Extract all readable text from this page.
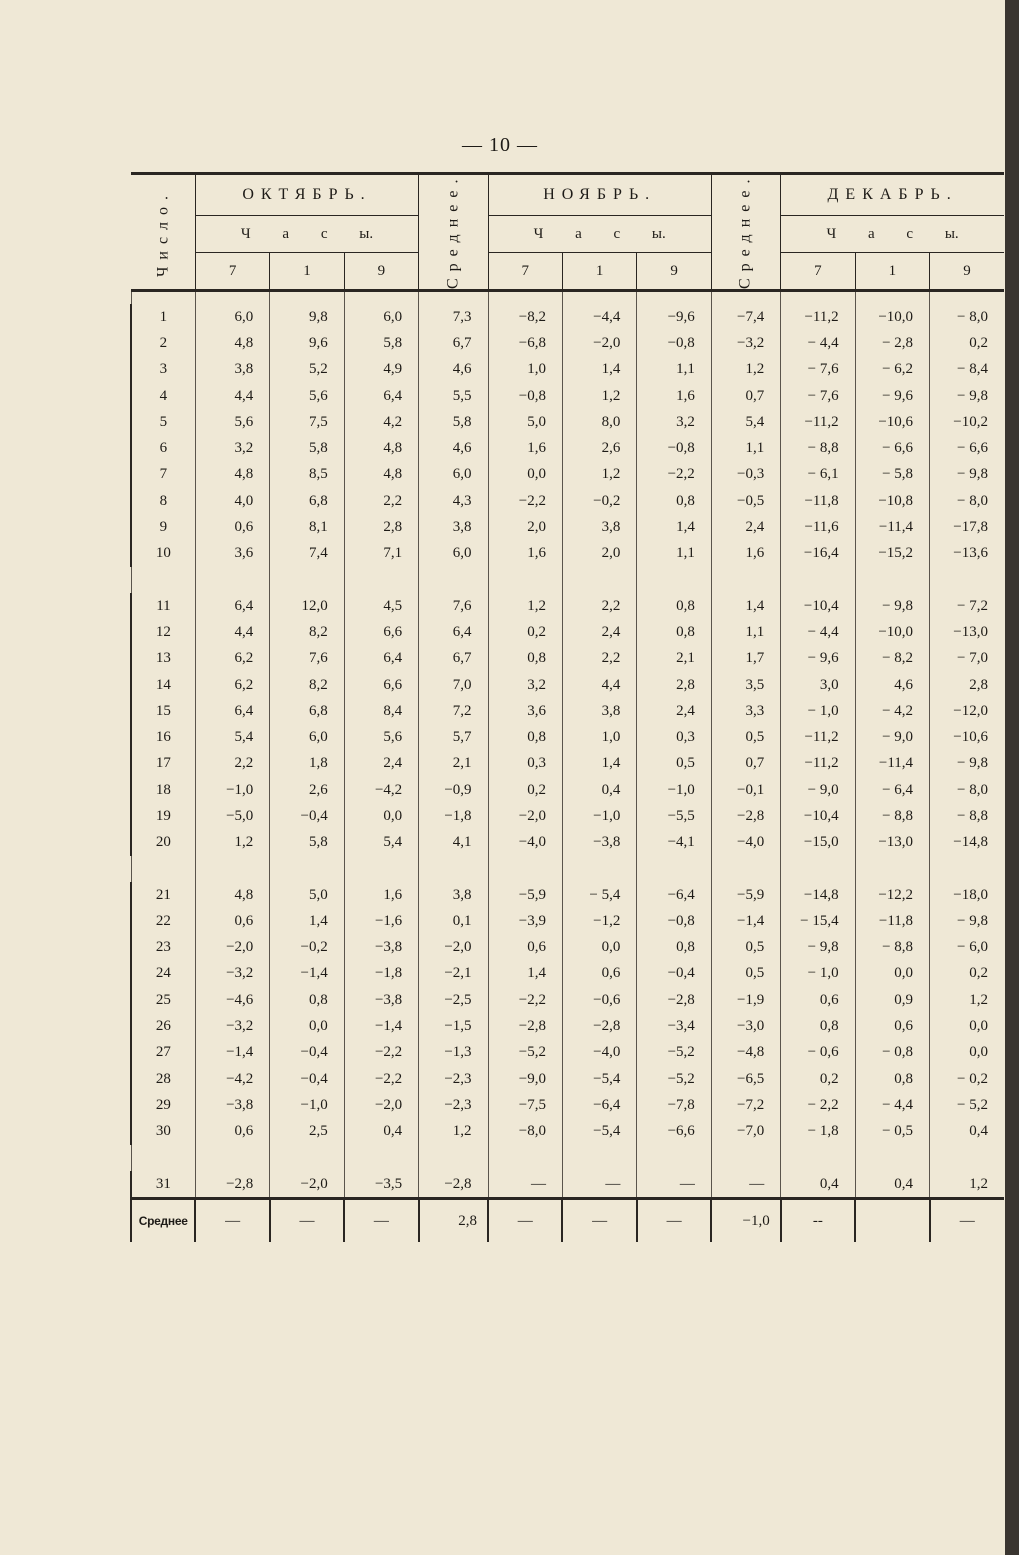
— 10 —
Число.	ОКТЯБРЬ.			Среднее.	НОЯБРЬ.			Среднее.	ДЕКАБРЬ.		
	Ч а с ы.				Ч а с ы.				Ч а с ы.		
	7	1	9		7	1	9		7	1	9

1	6,0	9,8	6,0	7,3	−8,2	−4,4	−9,6	−7,4	−11,2	−10,0	− 8,0
2	4,8	9,6	5,8	6,7	−6,8	−2,0	−0,8	−3,2	− 4,4	− 2,8	0,2
3	3,8	5,2	4,9	4,6	1,0	1,4	1,1	1,2	− 7,6	− 6,2	− 8,4
4	4,4	5,6	6,4	5,5	−0,8	1,2	1,6	0,7	− 7,6	− 9,6	− 9,8
5	5,6	7,5	4,2	5,8	5,0	8,0	3,2	5,4	−11,2	−10,6	−10,2
6	3,2	5,8	4,8	4,6	1,6	2,6	−0,8	1,1	− 8,8	− 6,6	− 6,6
7	4,8	8,5	4,8	6,0	0,0	1,2	−2,2	−0,3	− 6,1	− 5,8	− 9,8
8	4,0	6,8	2,2	4,3	−2,2	−0,2	0,8	−0,5	−11,8	−10,8	− 8,0
9	0,6	8,1	2,8	3,8	2,0	3,8	1,4	2,4	−11,6	−11,4	−17,8
10	3,6	7,4	7,1	6,0	1,6	2,0	1,1	1,6	−16,4	−15,2	−13,6

11	6,4	12,0	4,5	7,6	1,2	2,2	0,8	1,4	−10,4	− 9,8	− 7,2
12	4,4	8,2	6,6	6,4	0,2	2,4	0,8	1,1	− 4,4	−10,0	−13,0
13	6,2	7,6	6,4	6,7	0,8	2,2	2,1	1,7	− 9,6	− 8,2	− 7,0
14	6,2	8,2	6,6	7,0	3,2	4,4	2,8	3,5	3,0	4,6	2,8
15	6,4	6,8	8,4	7,2	3,6	3,8	2,4	3,3	− 1,0	− 4,2	−12,0
16	5,4	6,0	5,6	5,7	0,8	1,0	0,3	0,5	−11,2	− 9,0	−10,6
17	2,2	1,8	2,4	2,1	0,3	1,4	0,5	0,7	−11,2	−11,4	− 9,8
18	−1,0	2,6	−4,2	−0,9	0,2	0,4	−1,0	−0,1	− 9,0	− 6,4	− 8,0
19	−5,0	−0,4	0,0	−1,8	−2,0	−1,0	−5,5	−2,8	−10,4	− 8,8	− 8,8
20	1,2	5,8	5,4	4,1	−4,0	−3,8	−4,1	−4,0	−15,0	−13,0	−14,8

21	4,8	5,0	1,6	3,8	−5,9	− 5,4	−6,4	−5,9	−14,8	−12,2	−18,0
22	0,6	1,4	−1,6	0,1	−3,9	−1,2	−0,8	−1,4	− 15,4	−11,8	− 9,8
23	−2,0	−0,2	−3,8	−2,0	0,6	0,0	0,8	0,5	− 9,8	− 8,8	− 6,0
24	−3,2	−1,4	−1,8	−2,1	1,4	0,6	−0,4	0,5	− 1,0	0,0	0,2
25	−4,6	0,8	−3,8	−2,5	−2,2	−0,6	−2,8	−1,9	0,6	0,9	1,2
26	−3,2	0,0	−1,4	−1,5	−2,8	−2,8	−3,4	−3,0	0,8	0,6	0,0
27	−1,4	−0,4	−2,2	−1,3	−5,2	−4,0	−5,2	−4,8	− 0,6	− 0,8	0,0
28	−4,2	−0,4	−2,2	−2,3	−9,0	−5,4	−5,2	−6,5	0,2	0,8	− 0,2
29	−3,8	−1,0	−2,0	−2,3	−7,5	−6,4	−7,8	−7,2	− 2,2	− 4,4	− 5,2
30	0,6	2,5	0,4	1,2	−8,0	−5,4	−6,6	−7,0	− 1,8	− 0,5	0,4

31	−2,8	−2,0	−3,5	−2,8	—	—	—	—	0,4	0,4	1,2
Среднее	—	—	—	2,8	—	—	—	−1,0	--		—
